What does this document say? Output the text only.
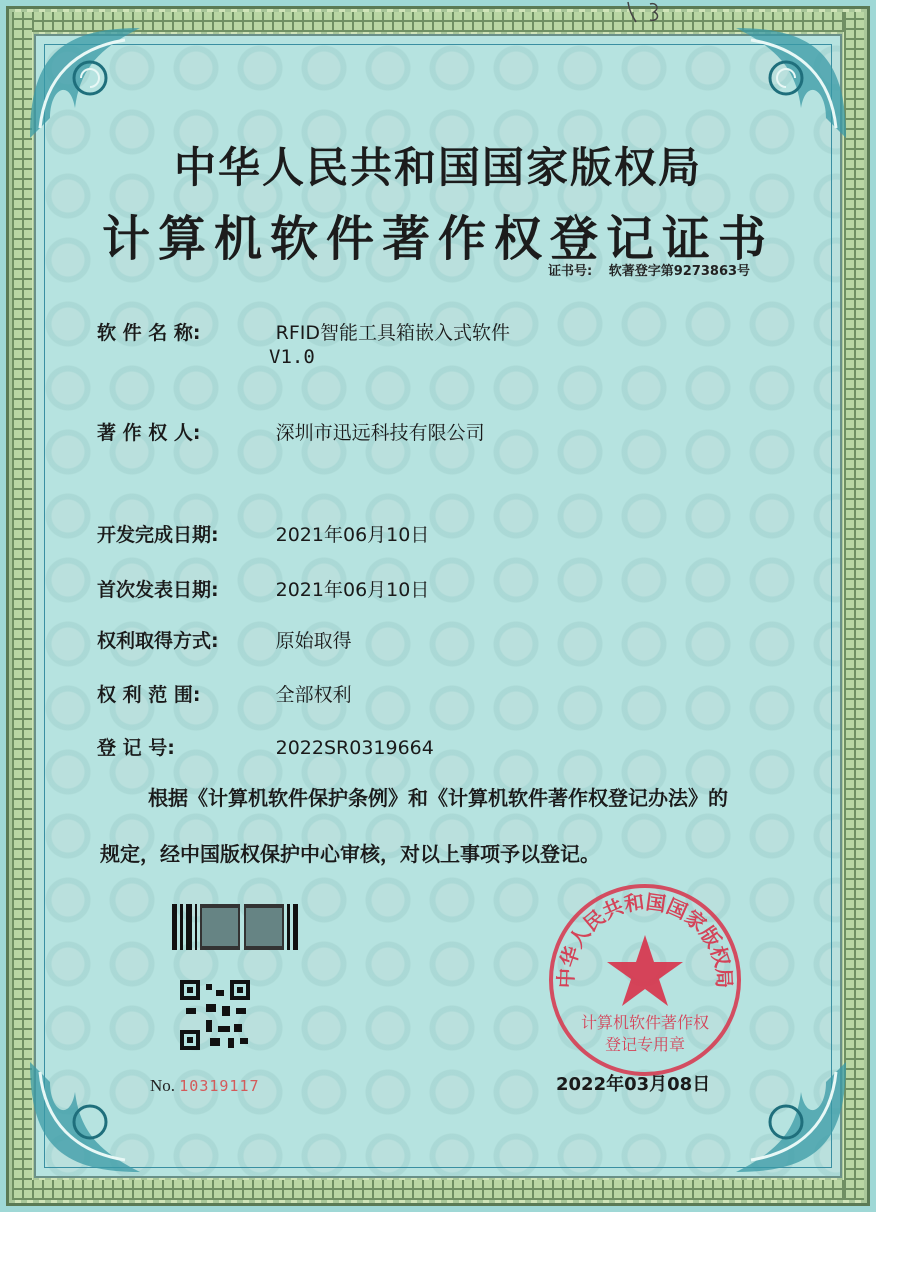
中华人民共和国国家版权局
计算机软件著作权登记证书
证书号: 软著登字第9273863号
软 件 名 称:	RFID智能工具箱嵌入式软件
V1.0
著 作 权 人:	深圳市迅远科技有限公司
开发完成日期:	2021年06月10日
首次发表日期:	2021年06月10日
权利取得方式:	原始取得
权 利 范 围:	全部权利
登 记 号:	2022SR0319664
根据《计算机软件保护条例》和《计算机软件著作权登记办法》的
规定，经中国版权保护中心审核，对以上事项予以登记。
No. 10319117
中华人民共和国国家版权局
计算机软件著作权
登记专用章
2022年03月08日
